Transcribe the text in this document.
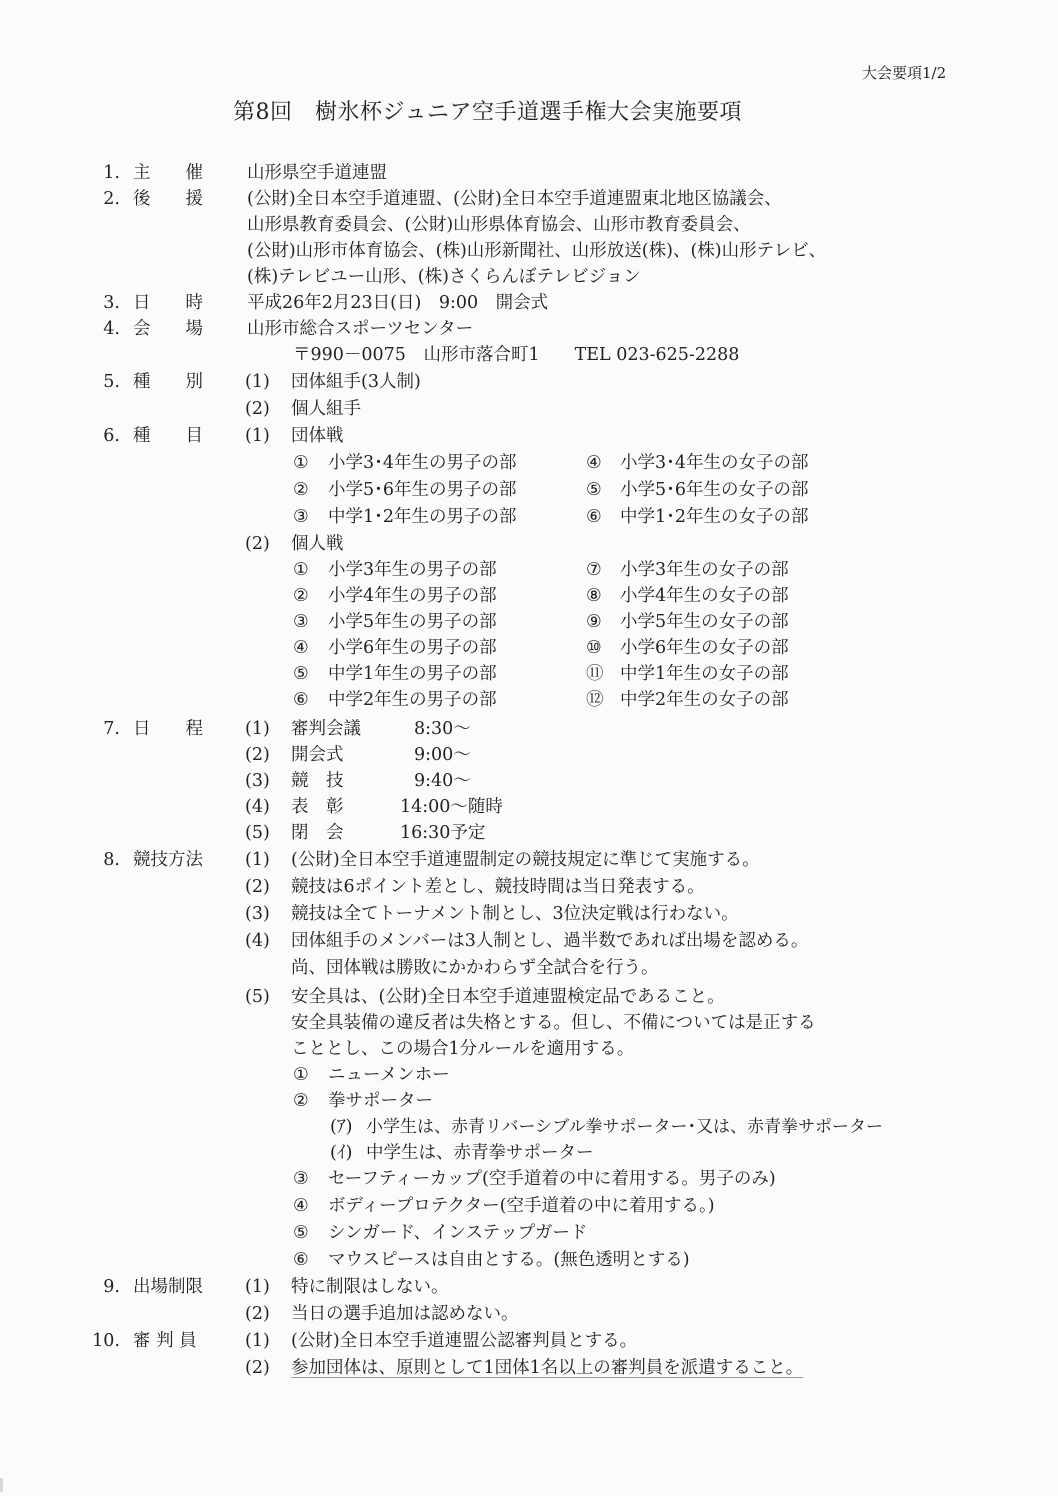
大会要項1/2
第8回　樹氷杯ジュニア空手道選手権大会実施要項
1. 主　　催	山形県空手道連盟
2. 後　　援	(公財)全日本空手道連盟、(公財)全日本空手道連盟東北地区協議会、
山形県教育委員会、(公財)山形県体育協会、山形市教育委員会、
(公財)山形市体育協会、(株)山形新聞社、山形放送(株)、(株)山形テレビ、
(株)テレビユー山形、(株)さくらんぼテレビジョン
3. 日　　時	平成26年2月23日(日)　9:00　開会式
4. 会　　場	山形市総合スポーツセンター
〒990－0075　山形市落合町1　　TEL 023-625-2288
5. 種　　別 (1) 団体組手(3人制)
(2) 個人組手
6. 種　　目 (1) 団体戦
① 小学3･4年生の男子の部	④ 小学3･4年生の女子の部
② 小学5･6年生の男子の部	⑤ 小学5･6年生の女子の部
③ 中学1･2年生の男子の部	⑥ 中学1･2年生の女子の部
(2) 個人戦
① 小学3年生の男子の部	⑦ 小学3年生の女子の部
② 小学4年生の男子の部	⑧ 小学4年生の女子の部
③ 小学5年生の男子の部	⑨ 小学5年生の女子の部
④ 小学6年生の男子の部	⑩ 小学6年生の女子の部
⑤ 中学1年生の男子の部	⑪ 中学1年生の女子の部
⑥ 中学2年生の男子の部	⑫ 中学2年生の女子の部
7. 日　　程 (1) 審判会議	8:30～
(2) 開会式	9:00～
(3) 競　技	9:40～
(4) 表　彰	14:00～随時
(5) 閉　会	16:30予定
8. 競技方法 (1) (公財)全日本空手道連盟制定の競技規定に準じて実施する。
(2) 競技は6ポイント差とし、競技時間は当日発表する。
(3) 競技は全てトーナメント制とし、3位決定戦は行わない。
(4) 団体組手のメンバーは3人制とし、過半数であれば出場を認める。
尚、団体戦は勝敗にかかわらず全試合を行う。
(5) 安全具は、(公財)全日本空手道連盟検定品であること。
安全具装備の違反者は失格とする。但し、不備については是正する
こととし、この場合1分ルールを適用する。
① ニューメンホー
② 拳サポーター
(ｱ) 小学生は、赤青リバーシブル拳サポーター･又は、赤青拳サポーター
(ｲ) 中学生は、赤青拳サポーター
③ セーフティーカップ(空手道着の中に着用する。男子のみ)
④ ボディープロテクター(空手道着の中に着用する。)
⑤ シンガード、インステップガード
⑥ マウスピースは自由とする。(無色透明とする)
9. 出場制限 (1) 特に制限はしない。
(2) 当日の選手追加は認めない。
10. 審 判 員	(1) (公財)全日本空手道連盟公認審判員とする。
(2) 参加団体は、原則として1団体1名以上の審判員を派遣すること。
